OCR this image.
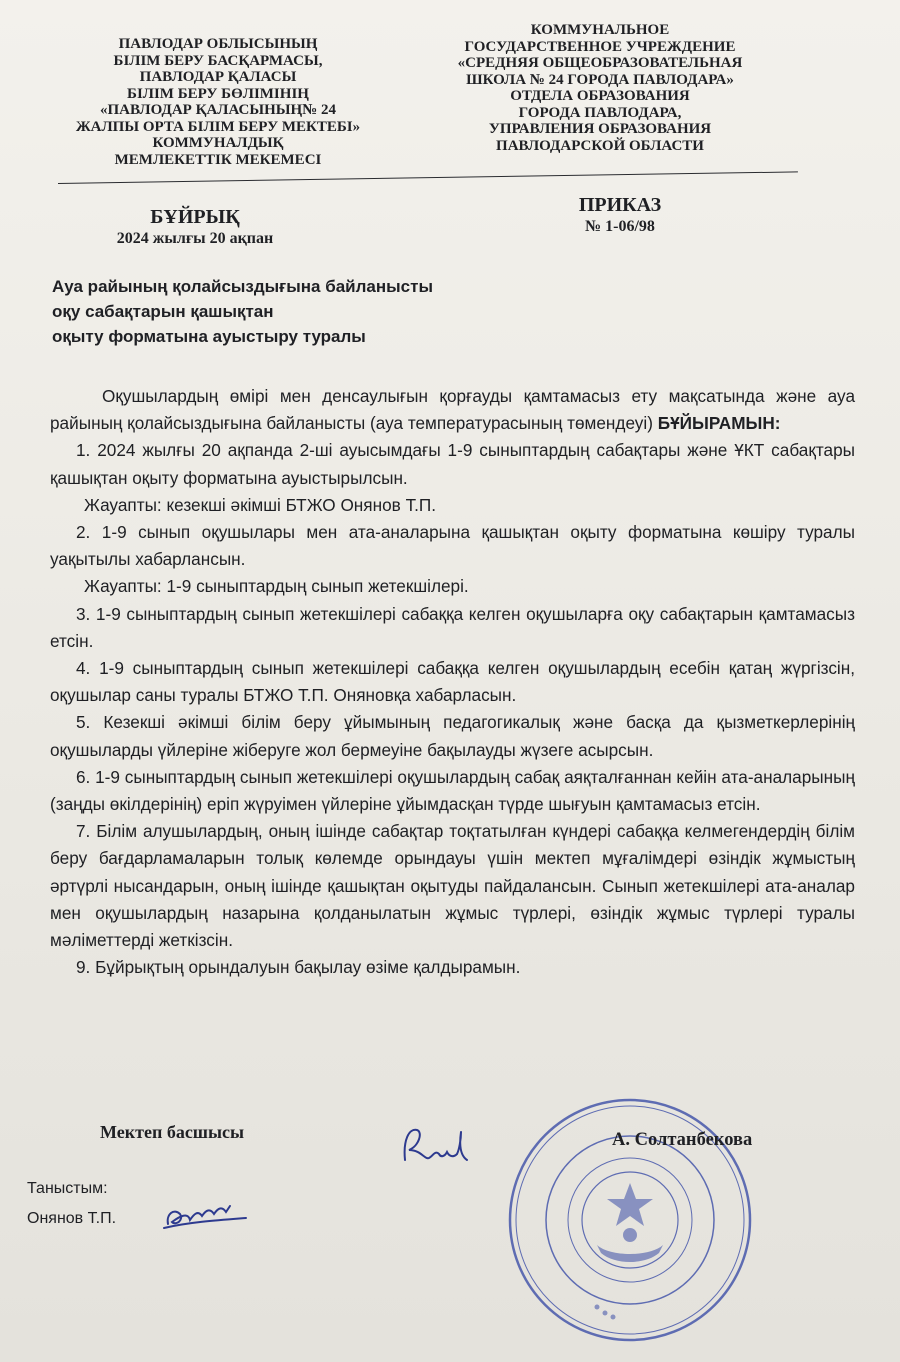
ПАВЛОДАР ОБЛЫСЫНЫҢ
БІЛІМ БЕРУ БАСҚАРМАСЫ,
ПАВЛОДАР ҚАЛАСЫ
БІЛІМ БЕРУ БӨЛІМІНІҢ
«ПАВЛОДАР ҚАЛАСЫНЫҢ№ 24
ЖАЛПЫ ОРТА БІЛІМ БЕРУ МЕКТЕБІ»
КОММУНАЛДЫҚ
МЕМЛЕКЕТТІК МЕКЕМЕСІ
КОММУНАЛЬНОЕ
ГОСУДАРСТВЕННОЕ УЧРЕЖДЕНИЕ
«СРЕДНЯЯ ОБЩЕОБРАЗОВАТЕЛЬНАЯ
ШКОЛА № 24 ГОРОДА ПАВЛОДАРА»
ОТДЕЛА ОБРАЗОВАНИЯ
ГОРОДА ПАВЛОДАРА,
УПРАВЛЕНИЯ ОБРАЗОВАНИЯ
ПАВЛОДАРСКОЙ ОБЛАСТИ
БҰЙРЫҚ
2024 жылғы 20 ақпан
ПРИКАЗ
№ 1-06/98
Ауа райының қолайсыздығына байланысты
оқу сабақтарын қашықтан
оқыту форматына ауыстыру туралы

Оқушылардың өмірі мен денсаулығын қорғауды қамтамасыз ету мақсатында және ауа райының қолайсыздығына байланысты (ауа температурасының төмендеуі) БҰЙЫРАМЫН:

1. 2024 жылғы 20 ақпанда 2-ші ауысымдағы 1-9 сыныптардың сабақтары және ҰКТ сабақтары қашықтан оқыту форматына ауыстырылсын.

Жауапты: кезекші әкімші БТЖО Онянов Т.П.

2. 1-9 сынып оқушылары мен ата-аналарына қашықтан оқыту форматына көшіру туралы уақытылы хабарлансын.

Жауапты: 1-9 сыныптардың сынып жетекшілері.

3. 1-9 сыныптардың сынып жетекшілері сабаққа келген оқушыларға оқу сабақтарын қамтамасыз етсін.

4. 1-9 сыныптардың сынып жетекшілері сабаққа келген оқушылардың есебін қатаң жүргізсін, оқушылар саны туралы БТЖО Т.П. Оняновқа хабарласын.

5. Кезекші әкімші білім беру ұйымының педагогикалық және басқа да қызметкерлерінің оқушыларды үйлеріне жіберуге жол бермеуіне бақылауды жүзеге асырсын.

6. 1-9 сыныптардың сынып жетекшілері оқушылардың сабақ аяқталғаннан кейін ата-аналарының (заңды өкілдерінің) еріп жүруімен үйлеріне ұйымдасқан түрде шығуын қамтамасыз етсін.

7. Білім алушылардың, оның ішінде сабақтар тоқтатылған күндері сабаққа келмегендердің білім беру бағдарламаларын толық көлемде орындауы үшін мектеп мұғалімдері өзіндік жұмыстың әртүрлі нысандарын, оның ішінде қашықтан оқытуды пайдалансын. Сынып жетекшілері ата-аналар мен оқушылардың назарына қолданылатын жұмыс түрлері, өзіндік жұмыс түрлері туралы мәліметтерді жеткізсін.

9. Бұйрықтың орындалуын бақылау өзіме қалдырамын.

Мектеп басшысы	А. Солтанбекова
Таныстым:
Онянов Т.П.
